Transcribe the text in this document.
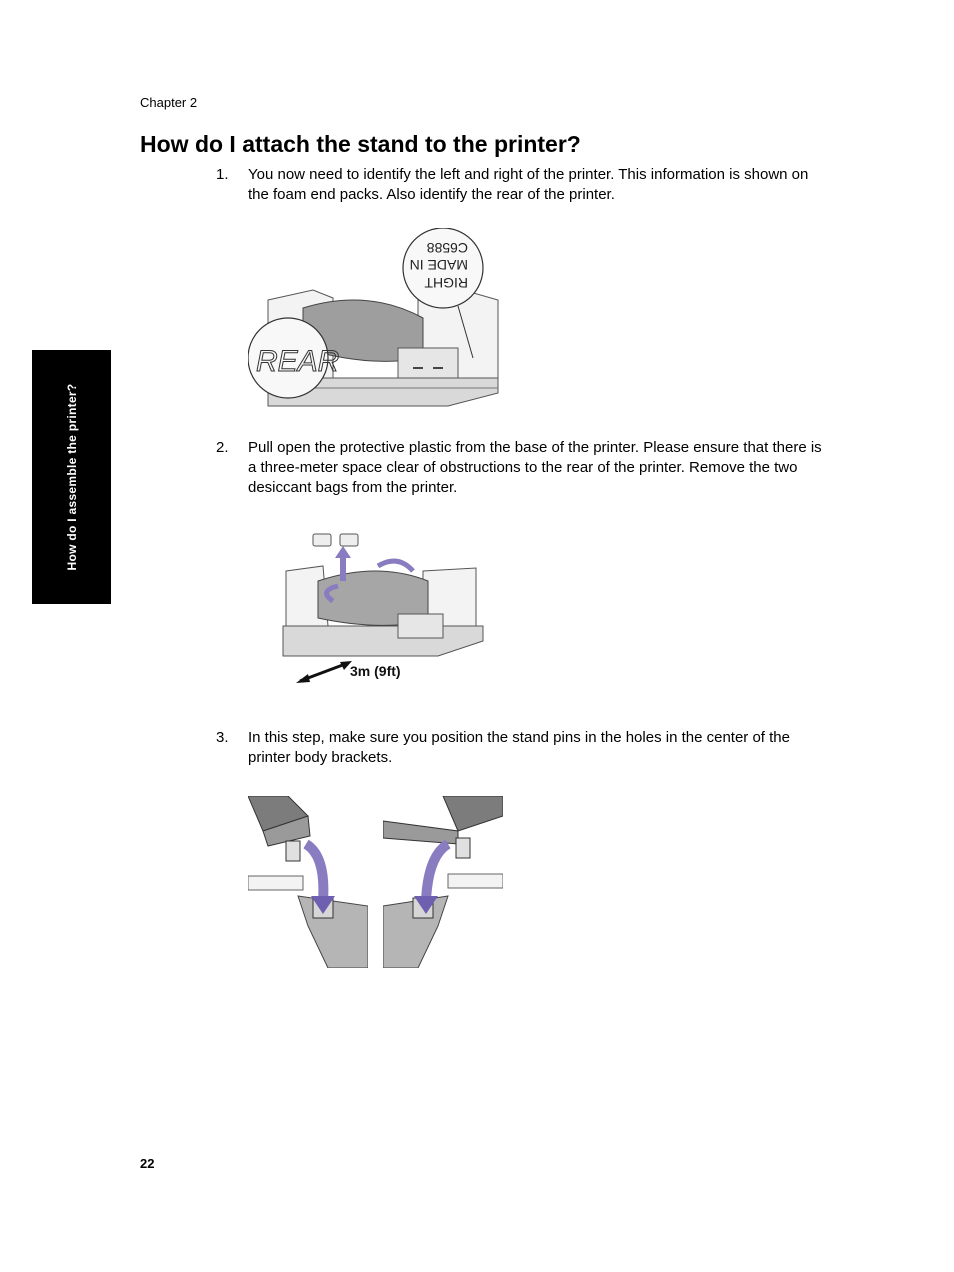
Chapter 2
How do I attach the stand to the printer?
How do I assemble the printer?
1. You now need to identify the left and right of the printer. This information is shown on the foam end packs. Also identify the rear of the printer.
REAR
RIGHT
MADE IN
C6588
2. Pull open the protective plastic from the base of the printer. Please ensure that there is a three-meter space clear of obstructions to the rear of the printer. Remove the two desiccant bags from the printer.
3m (9ft)
3. In this step, make sure you position the stand pins in the holes in the center of the printer body brackets.
22
